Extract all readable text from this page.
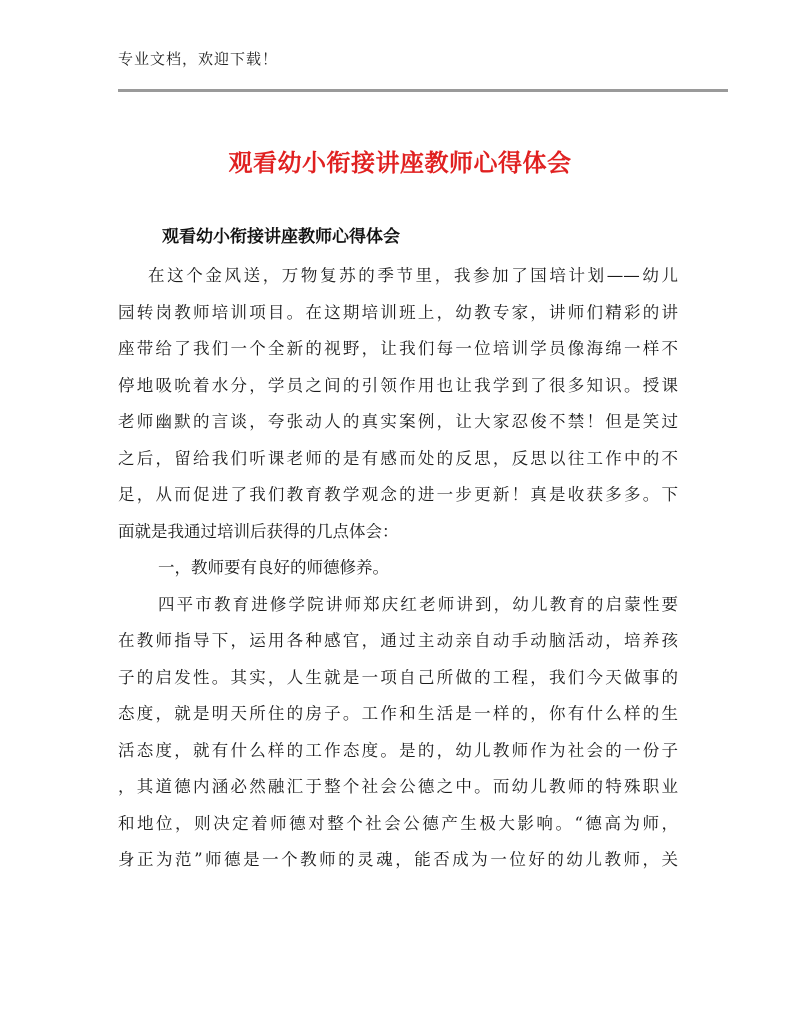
专业文档，欢迎下载！
观看幼小衔接讲座教师心得体会
观看幼小衔接讲座教师心得体会
在这个金风送，万物复苏的季节里，我参加了国培计划——幼儿
园转岗教师培训项目。在这期培训班上，幼教专家，讲师们精彩的讲
座带给了我们一个全新的视野，让我们每一位培训学员像海绵一样不
停地吸吮着水分，学员之间的引领作用也让我学到了很多知识。授课
老师幽默的言谈，夸张动人的真实案例，让大家忍俊不禁！但是笑过
之后，留给我们听课老师的是有感而处的反思，反思以往工作中的不
足，从而促进了我们教育教学观念的进一步更新！真是收获多多。下
面就是我通过培训后获得的几点体会：
一，教师要有良好的师德修养。
四平市教育进修学院讲师郑庆红老师讲到，幼儿教育的启蒙性要
在教师指导下，运用各种感官，通过主动亲自动手动脑活动，培养孩
子的启发性。其实，人生就是一项自己所做的工程，我们今天做事的
态度，就是明天所住的房子。工作和生活是一样的，你有什么样的生
活态度，就有什么样的工作态度。是的，幼儿教师作为社会的一份子
，其道德内涵必然融汇于整个社会公德之中。而幼儿教师的特殊职业
和地位，则决定着师德对整个社会公德产生极大影响。“德高为师，
身正为范”师德是一个教师的灵魂，能否成为一位好的幼儿教师，关
